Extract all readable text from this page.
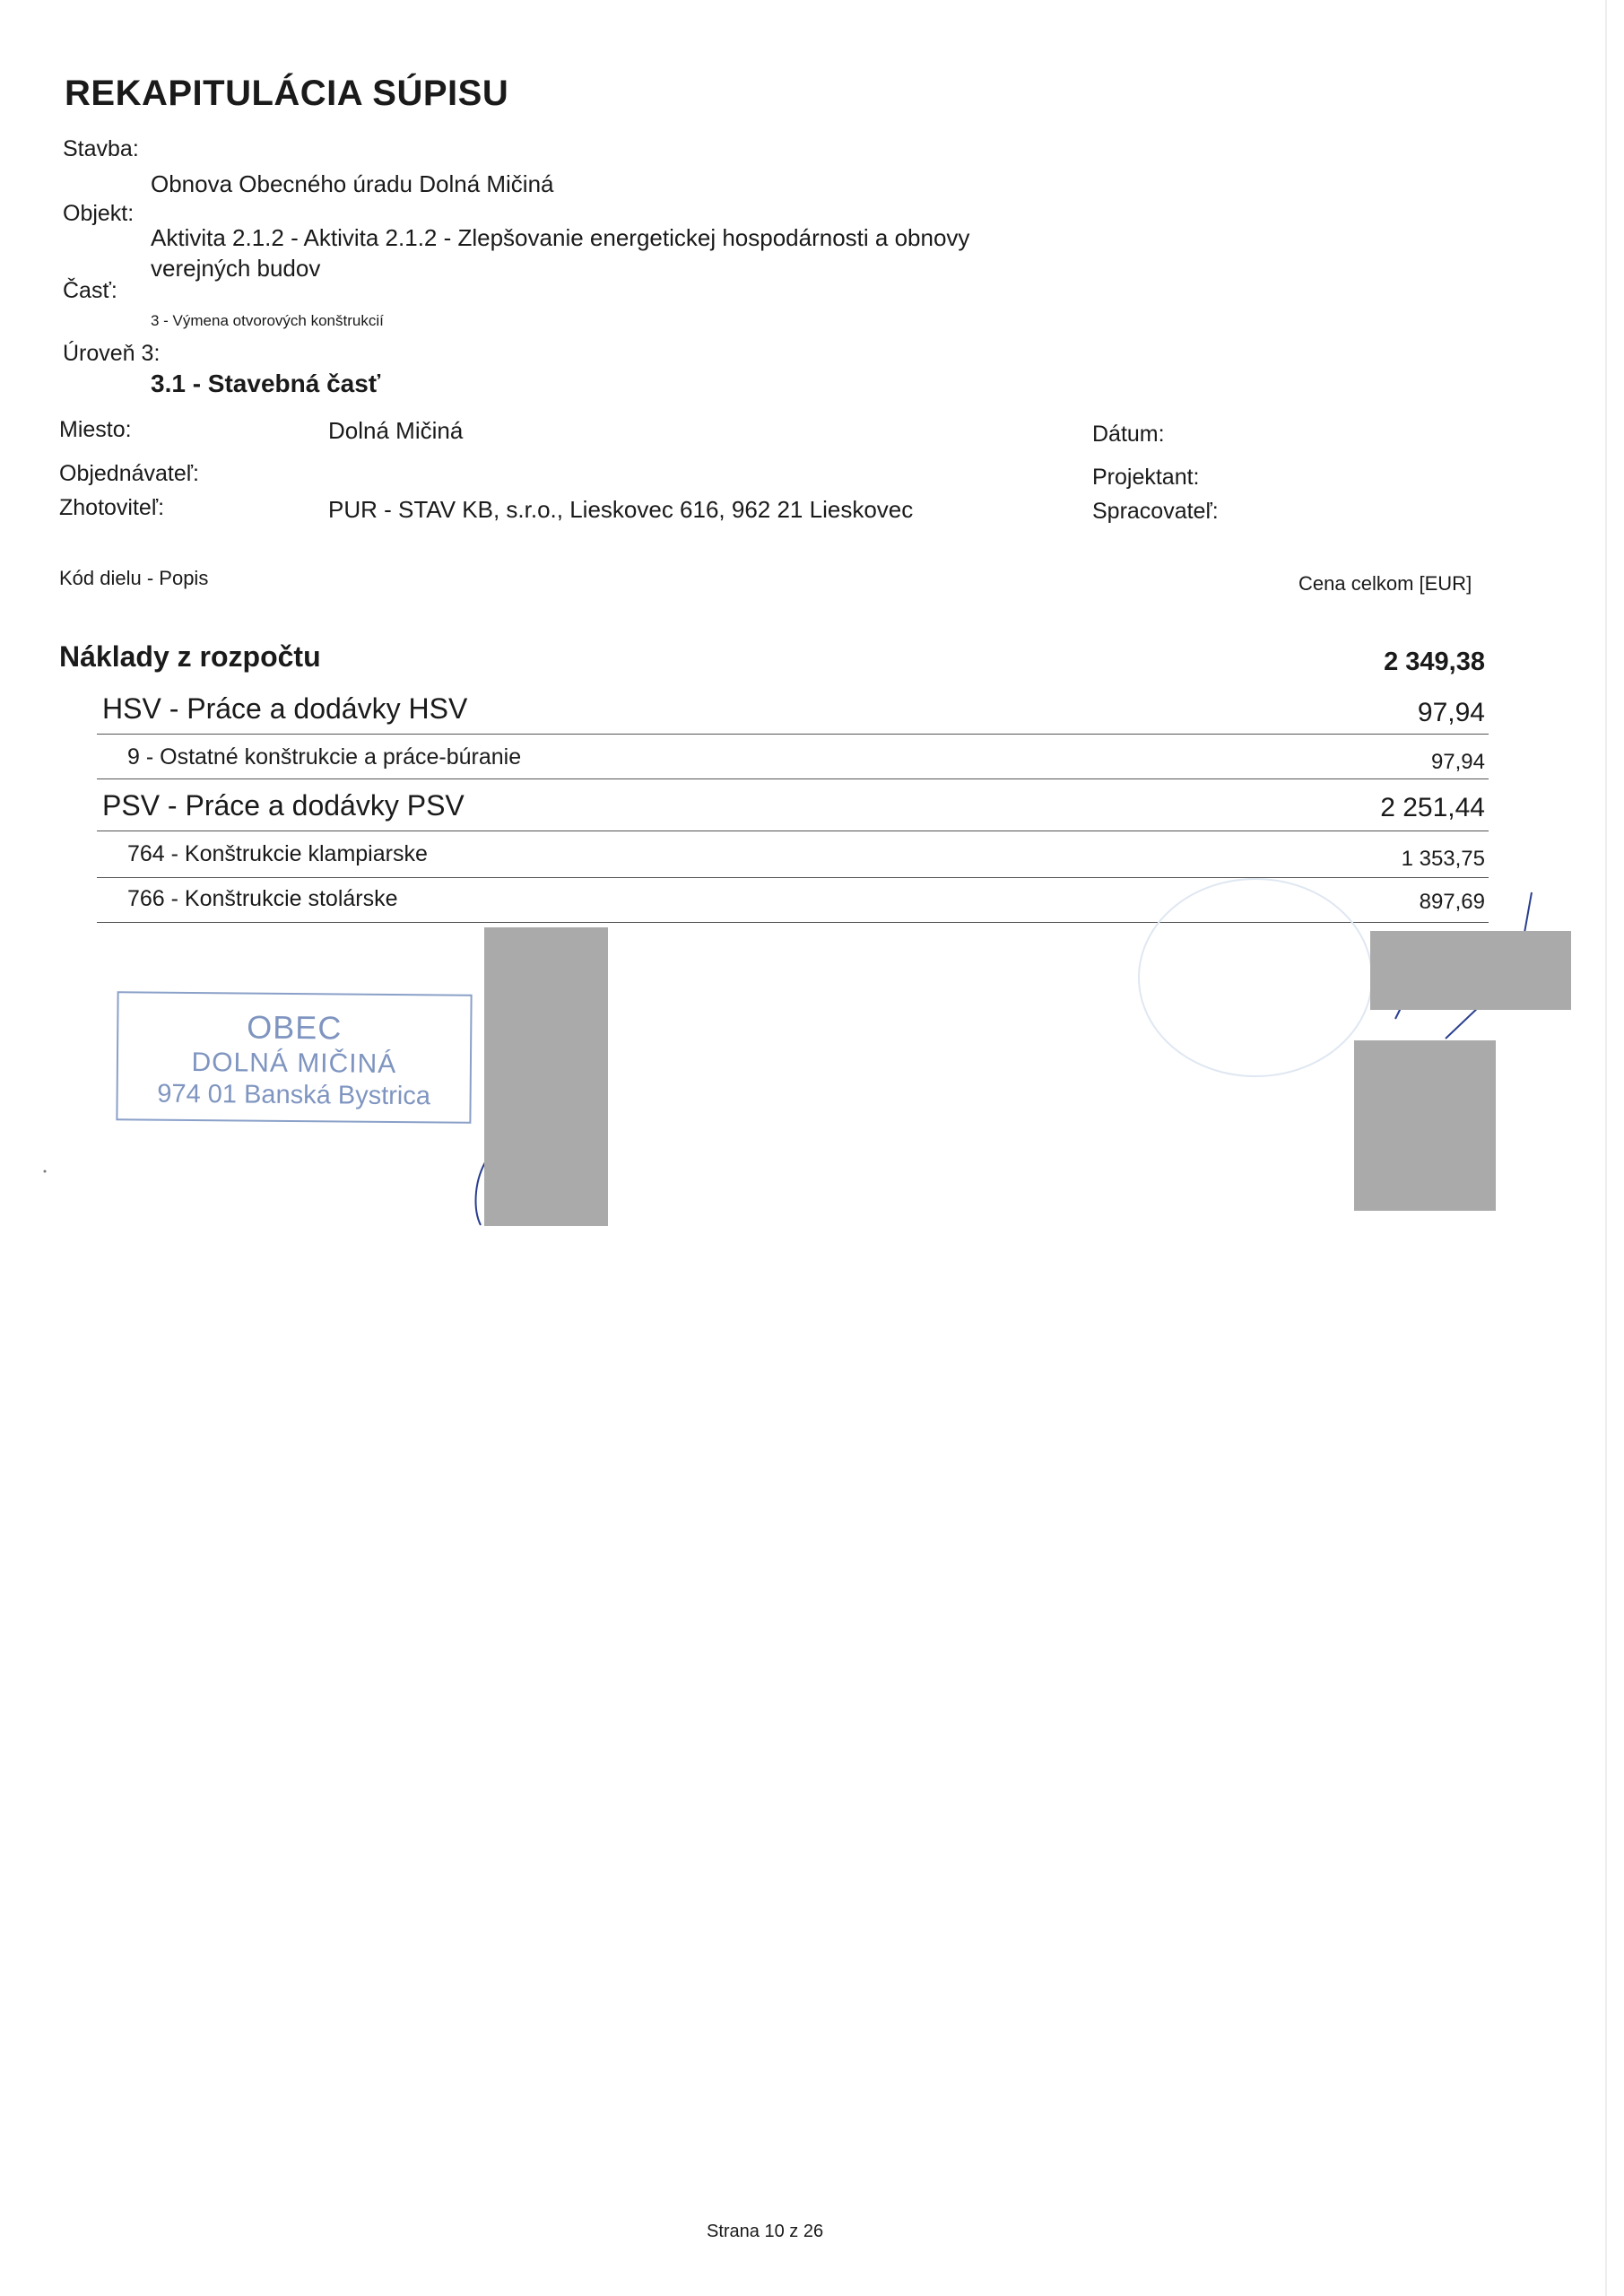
REKAPITULÁCIA SÚPISU
Stavba:
Obnova Obecného úradu Dolná Mičiná
Objekt:
Aktivita 2.1.2 - Aktivita 2.1.2 - Zlepšovanie energetickej hospodárnosti a obnovy
verejných budov
Časť:
3 - Výmena otvorových konštrukcií
Úroveň 3:
3.1 - Stavebná časť
Miesto:	Dolná Mičiná	Dátum:
Objednávateľ:	Projektant:
Zhotoviteľ:	PUR - STAV KB, s.r.o., Lieskovec 616, 962 21 Lieskovec	Spracovateľ:
Kód dielu - Popis	Cena celkom [EUR]
Náklady z rozpočtu	2 349,38
HSV - Práce a dodávky HSV	97,94
9 - Ostatné konštrukcie a práce-búranie	97,94
PSV - Práce a dodávky PSV	2 251,44
764 - Konštrukcie klampiarske	1 353,75
766 - Konštrukcie stolárske	897,69
OBEC
DOLNÁ MIČINÁ
974 01 Banská Bystrica
Strana 10 z 26
